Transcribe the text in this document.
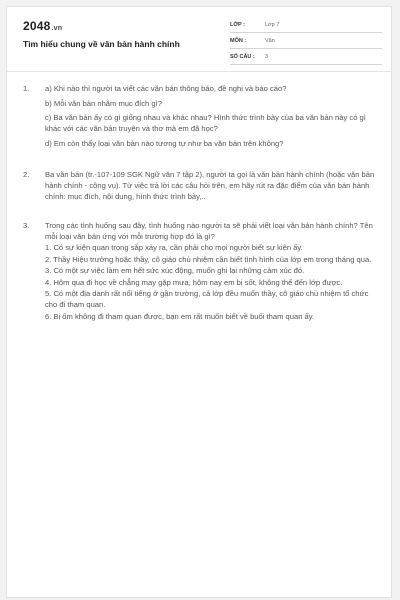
2048.vn
Tìm hiểu chung về văn bản hành chính
LỚP :	Lớp 7
MÔN :	Văn
SỐ CÂU : 3
1. a) Khi nào thì người ta viết các văn bản thông báo, đề nghị và báo cáo?
b) Mỗi văn bản nhằm mục đích gì?
c) Ba văn bản ấy có gì giống nhau và khác nhau? Hình thức trình bày của ba văn bản này có gì khác với các văn bản truyện và thơ mà em đã học?
d) Em còn thấy loại văn bản nào tương tự như ba văn bản trên không?
2. Ba văn bản (tr.-107-109 SGK Ngữ văn 7 tập 2), người ta gọi là văn bản hành chính (hoặc văn bản hành chính - công vụ). Từ việc trả lời các câu hỏi trên, em hãy rút ra đặc điểm của văn bản hành chính: mục đích, nội dung, hình thức trình bày,..
3. Trong các tình huống sau đây, tình huống nào người ta sẽ phải viết loại văn bản hành chính? Tên mỗi loại văn bản ứng với mỗi trường hợp đó là gì?
1. Có sự kiện quan trọng sắp xảy ra, cần phải cho mọi người biết sự kiện ấy.
2. Thầy Hiệu trưởng hoặc thầy, cô giáo chủ nhiệm cần biết tình hình của lớp em trong tháng qua.
3. Có một sự việc làm em hết sức xúc động, muốn ghi lại những cảm xúc đó.
4. Hôm qua đi học về chẳng may gặp mưa, hôm nay em bị sốt, không thể đến lớp được.
5. Có một địa danh rất nổi tiếng ở gần trường, cả lớp đều muốn thầy, cô giáo chủ nhiệm tổ chức cho đi tham quan.
6. Bị ốm không đi tham quan được, bạn em rất muốn biết về buổi tham quan ấy.
